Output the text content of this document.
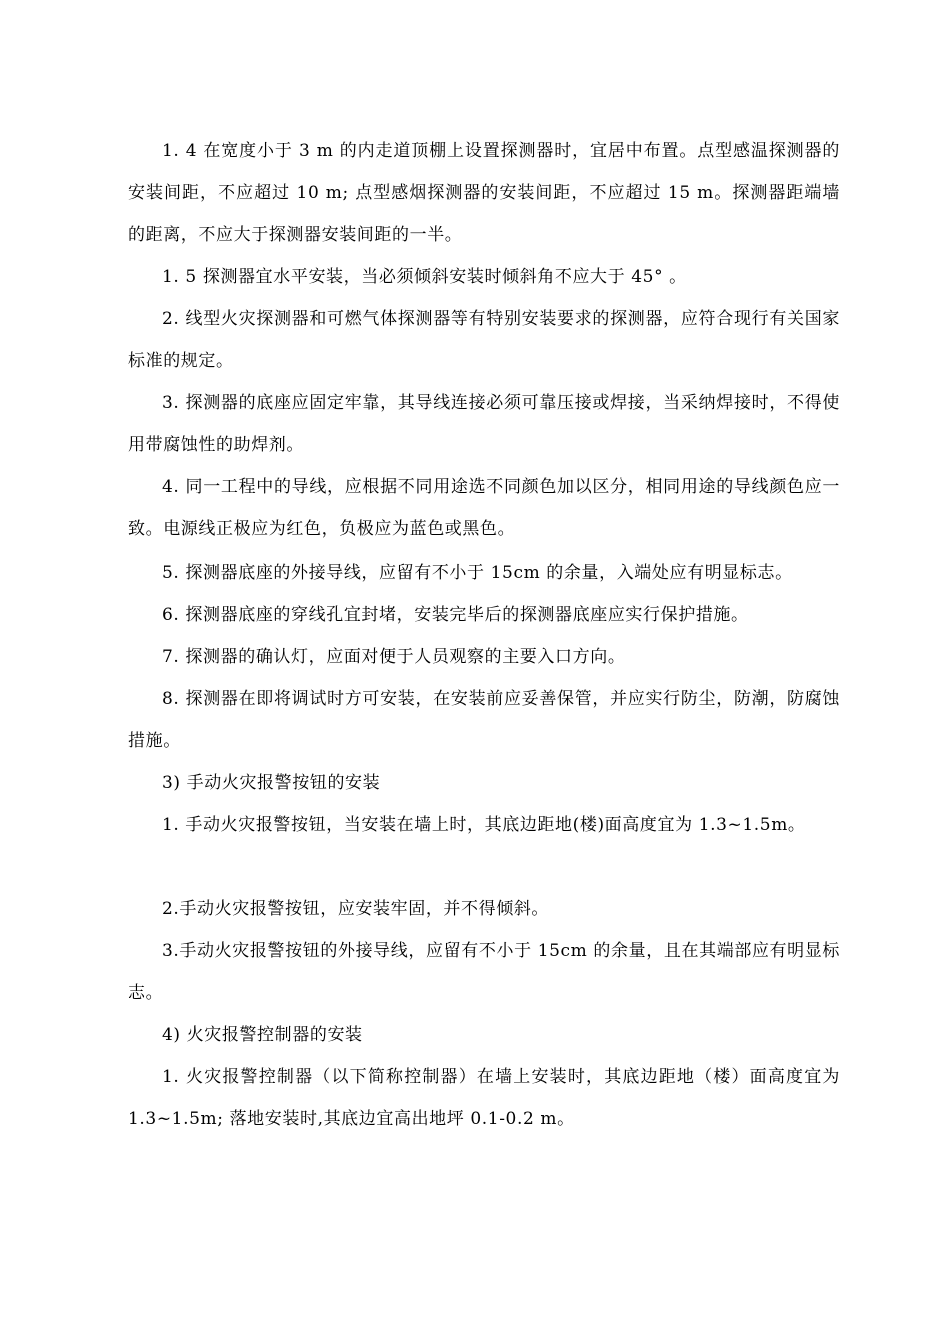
1. 4 在宽度小于 3 m 的内走道顶棚上设置探测器时，宜居中布置。点型感温探测器的安装间距，不应超过 10 m; 点型感烟探测器的安装间距，不应超过 15 m。探测器距端墙的距离，不应大于探测器安装间距的一半。

1. 5 探测器宜水平安装，当必须倾斜安装时倾斜角不应大于 45° 。

2. 线型火灾探测器和可燃气体探测器等有特别安装要求的探测器，应符合现行有关国家标准的规定。

3. 探测器的底座应固定牢靠，其导线连接必须可靠压接或焊接，当采纳焊接时，不得使用带腐蚀性的助焊剂。

4. 同一工程中的导线，应根据不同用途选不同颜色加以区分，相同用途的导线颜色应一致。电源线正极应为红色，负极应为蓝色或黑色。

5. 探测器底座的外接导线，应留有不小于 15cm 的余量，入端处应有明显标志。

6. 探测器底座的穿线孔宜封堵，安装完毕后的探测器底座应实行保护措施。

7. 探测器的确认灯，应面对便于人员观察的主要入口方向。

8. 探测器在即将调试时方可安装，在安装前应妥善保管，并应实行防尘，防潮，防腐蚀措施。

3) 手动火灾报警按钮的安装

1. 手动火灾报警按钮，当安装在墙上时，其底边距地(楼)面高度宜为 1.3~1.5m。

2.手动火灾报警按钮，应安装牢固，并不得倾斜。

3.手动火灾报警按钮的外接导线，应留有不小于 15cm 的余量，且在其端部应有明显标志。

4) 火灾报警控制器的安装

1. 火灾报警控制器（以下简称控制器）在墙上安装时，其底边距地（楼）面高度宜为 1.3~1.5m; 落地安装时,其底边宜高出地坪 0.1-0.2 m。
